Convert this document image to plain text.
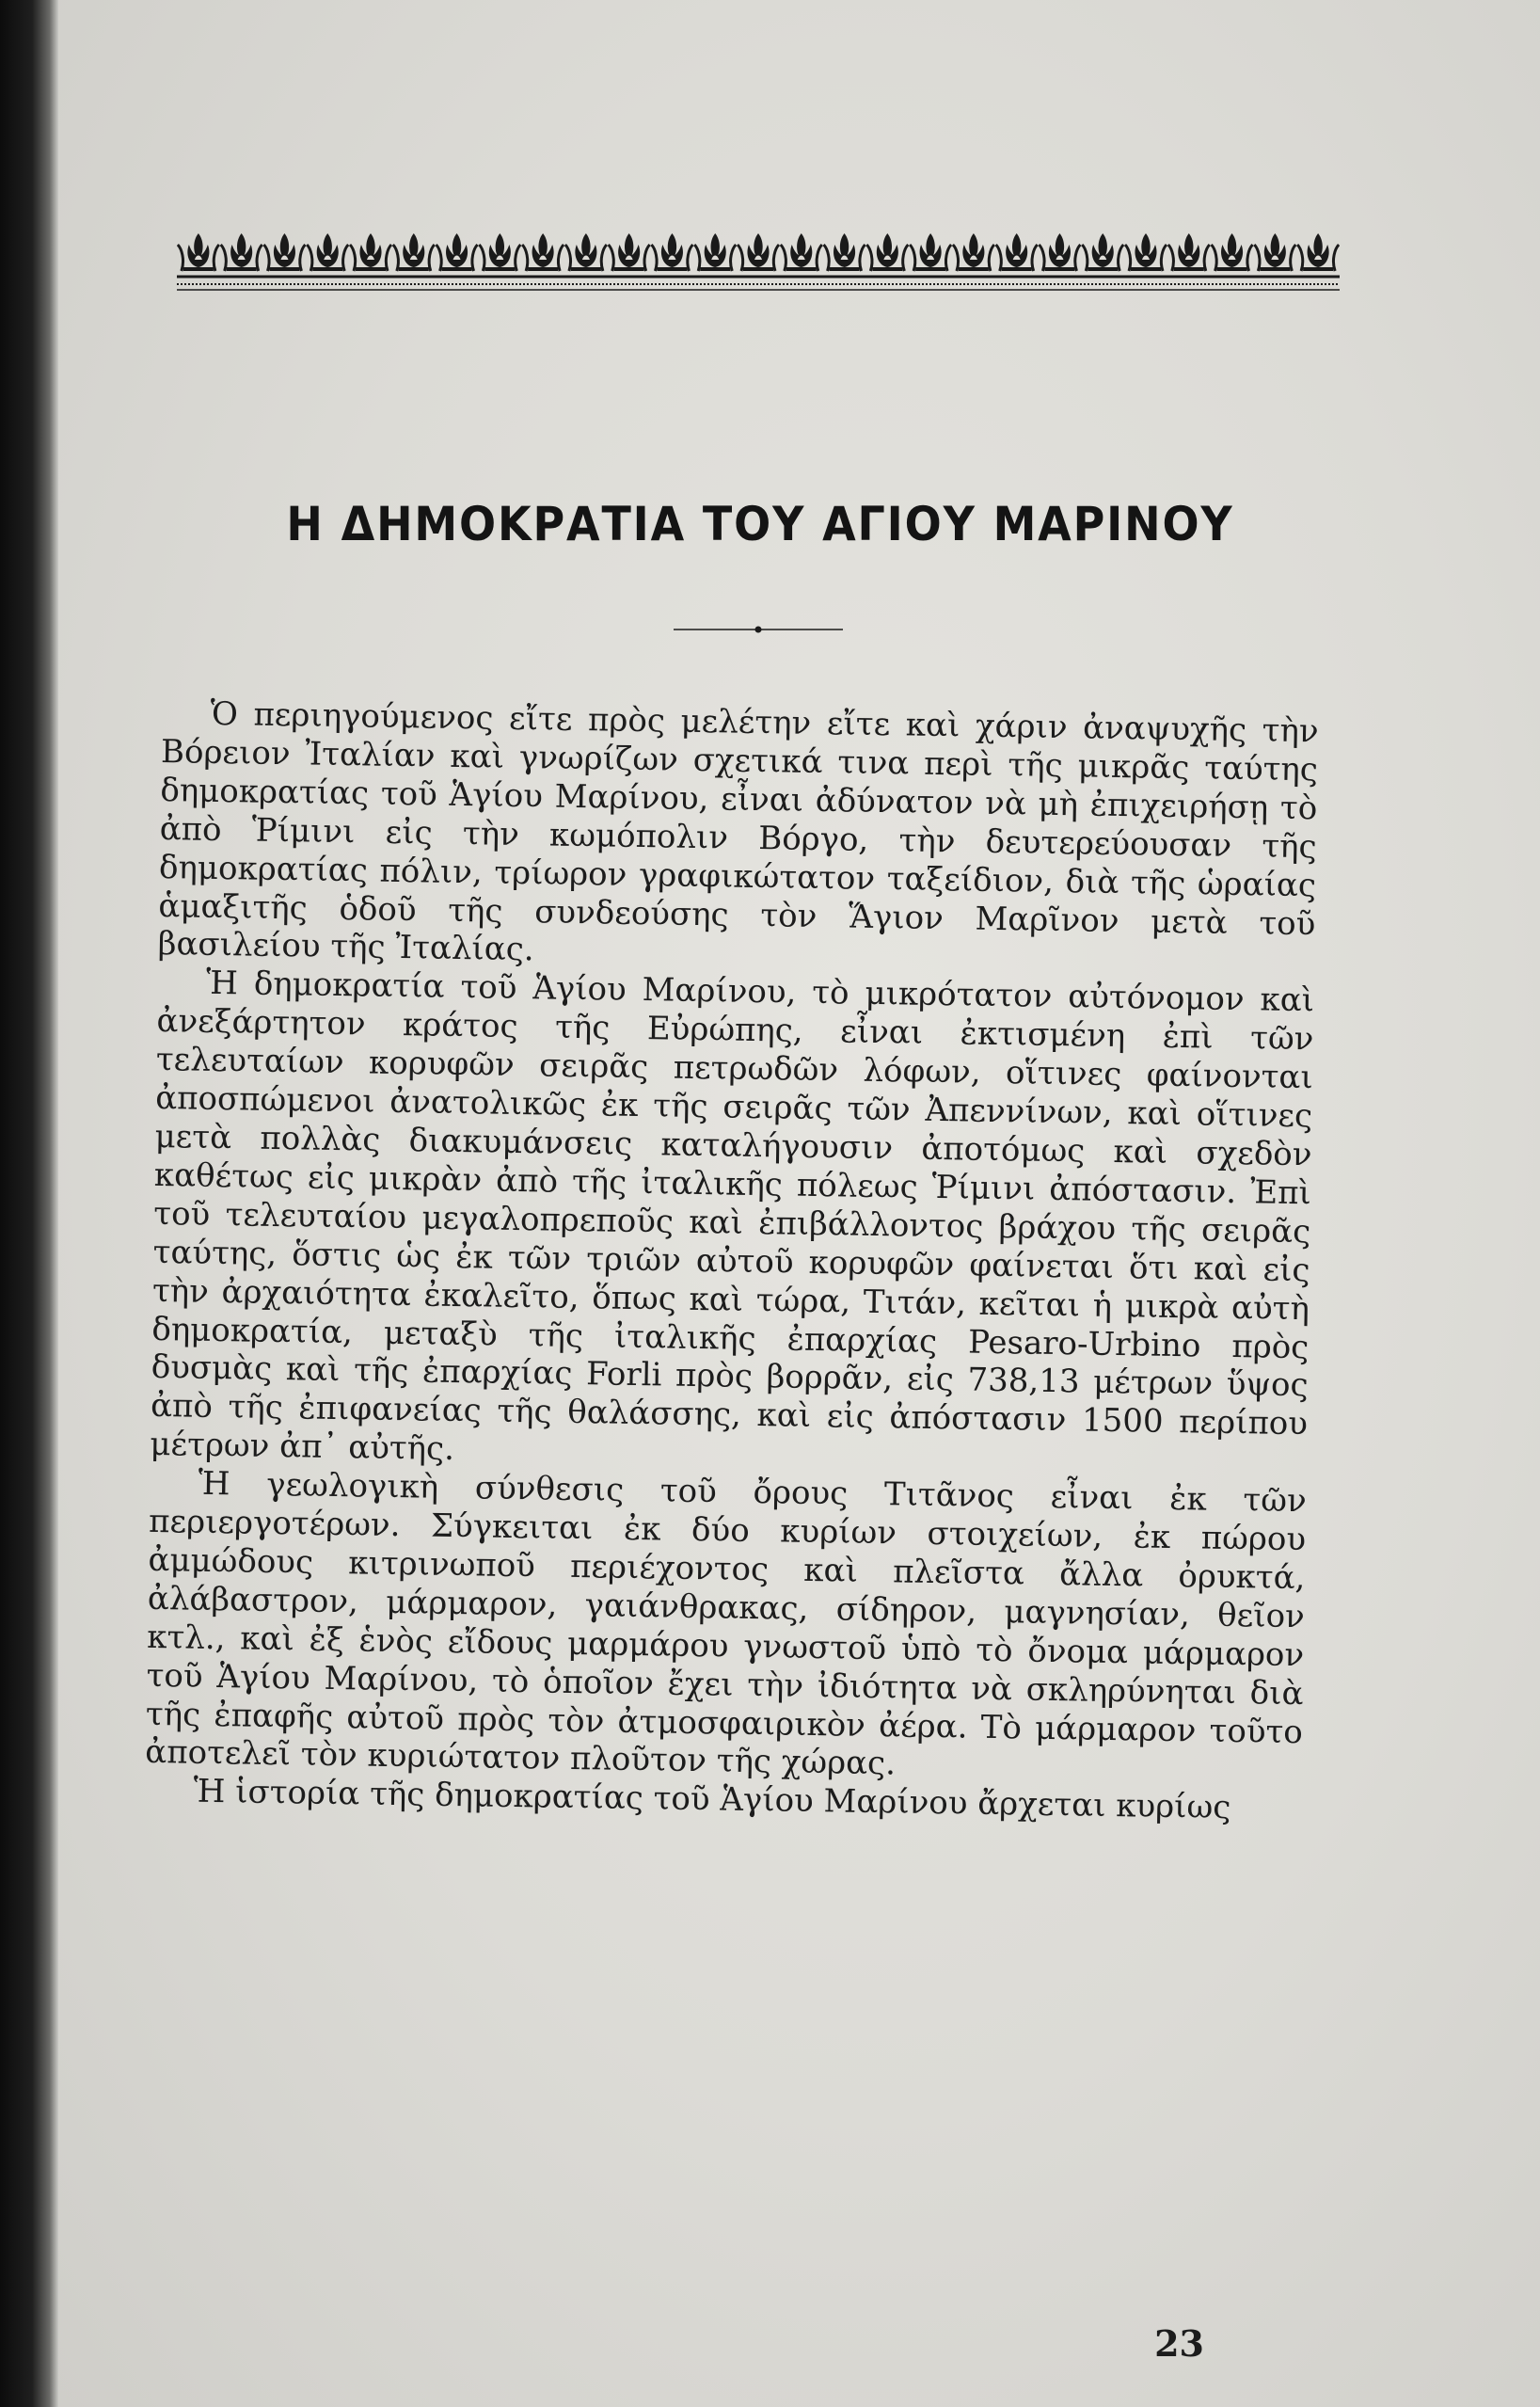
Η ΔΗΜΟΚΡΑΤΙΑ ΤΟΥ ΑΓΙΟΥ ΜΑΡΙΝΟΥ

Ὁ περιηγούμενος εἴτε πρὸς μελέτην εἴτε καὶ χάριν ἀναψυχῆς τὴν Βόρειον Ἰταλίαν καὶ γνωρίζων σχετικά τινα περὶ τῆς μικρᾶς ταύτης δημοκρατίας τοῦ Ἁγίου Μαρίνου, εἶναι ἀδύνατον νὰ μὴ ἐπιχειρήσῃ τὸ ἀπὸ Ῥίμινι εἰς τὴν κωμόπολιν Βόργο, τὴν δευτερεύουσαν τῆς δημοκρατίας πόλιν, τρίωρον γραφικώτατον ταξείδιον, διὰ τῆς ὡραίας ἁμαξιτῆς ὁδοῦ τῆς συνδεούσης τὸν Ἅγιον Μαρῖνον μετὰ τοῦ βασιλείου τῆς Ἰταλίας.

Ἡ δημοκρατία τοῦ Ἁγίου Μαρίνου, τὸ μικρότατον αὐτόνομον καὶ ἀνεξάρτητον κράτος τῆς Εὐρώπης, εἶναι ἐκτισμένη ἐπὶ τῶν τελευταίων κορυφῶν σειρᾶς πετρωδῶν λόφων, οἵτινες φαίνονται ἀποσπώμενοι ἀνατολικῶς ἐκ τῆς σειρᾶς τῶν Ἀπεννίνων, καὶ οἵτινες μετὰ πολλὰς διακυμάνσεις καταλήγουσιν ἀποτόμως καὶ σχεδὸν καθέτως εἰς μικρὰν ἀπὸ τῆς ἰταλικῆς πόλεως Ῥίμινι ἀπόστασιν. Ἐπὶ τοῦ τελευταίου μεγαλοπρεποῦς καὶ ἐπιβάλλοντος βράχου τῆς σειρᾶς ταύτης, ὅστις ὡς ἐκ τῶν τριῶν αὐτοῦ κορυφῶν φαίνεται ὅτι καὶ εἰς τὴν ἀρχαιότητα ἐκαλεῖτο, ὅπως καὶ τώρα, Τιτάν, κεῖται ἡ μικρὰ αὐτὴ δημοκρατία, μεταξὺ τῆς ἰταλικῆς ἐπαρχίας Pesaro-Urbino πρὸς δυσμὰς καὶ τῆς ἐπαρχίας Forli πρὸς βορρᾶν, εἰς 738,13 μέτρων ὕψος ἀπὸ τῆς ἐπιφανείας τῆς θαλάσσης, καὶ εἰς ἀπόστασιν 1500 περίπου μέτρων ἀπ᾽ αὐτῆς.

Ἡ γεωλογικὴ σύνθεσις τοῦ ὄρους Τιτᾶνος εἶναι ἐκ τῶν περιεργοτέρων. Σύγκειται ἐκ δύο κυρίων στοιχείων, ἐκ πώρου ἀμμώδους κιτρινωποῦ περιέχοντος καὶ πλεῖστα ἄλλα ὀρυκτά, ἀλάβαστρον, μάρμαρον, γαιάνθρακας, σίδηρον, μαγνησίαν, θεῖον κτλ., καὶ ἐξ ἑνὸς εἴδους μαρμάρου γνωστοῦ ὑπὸ τὸ ὄνομα μάρμαρον τοῦ Ἁγίου Μαρίνου, τὸ ὁποῖον ἔχει τὴν ἰδιότητα νὰ σκληρύνηται διὰ τῆς ἐπαφῆς αὐτοῦ πρὸς τὸν ἀτμοσφαιρικὸν ἀέρα. Τὸ μάρμαρον τοῦτο ἀποτελεῖ τὸν κυριώτατον πλοῦτον τῆς χώρας.

Ἡ ἱστορία τῆς δημοκρατίας τοῦ Ἁγίου Μαρίνου ἄρχεται κυρίως

23
